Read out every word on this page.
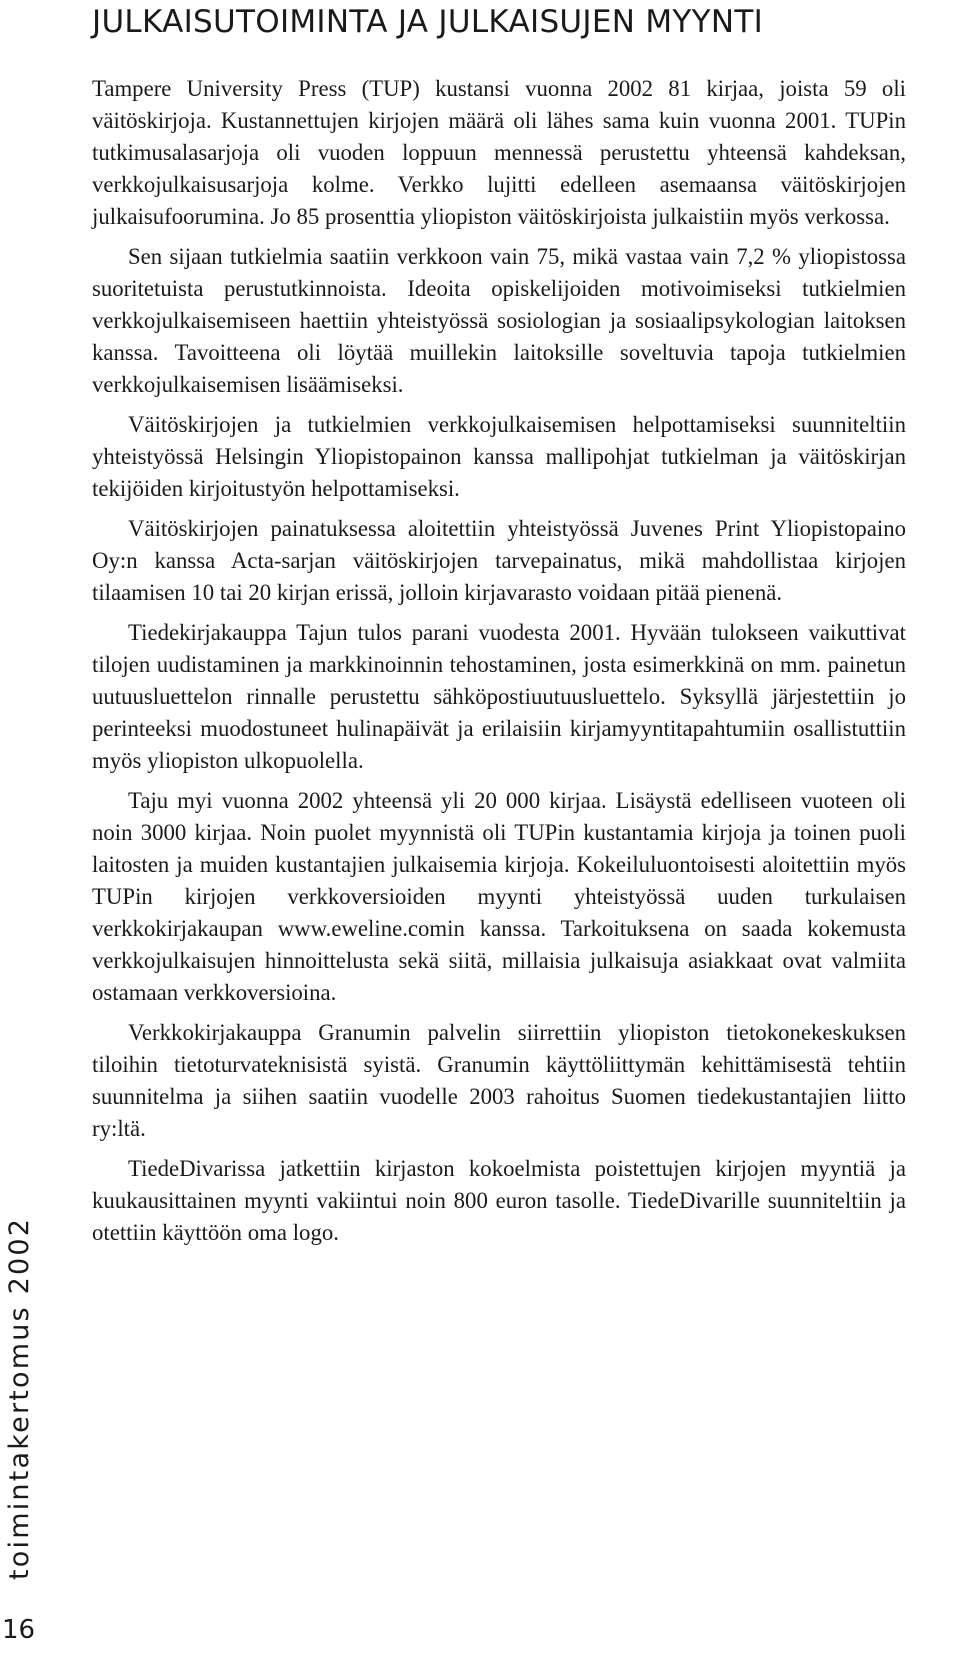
JULKAISUTOIMINTA JA JULKAISUJEN MYYNTI

Tampere University Press (TUP) kustansi vuonna 2002 81 kirjaa, joista 59 oli väitöskirjoja. Kustannettujen kirjojen määrä oli lähes sama kuin vuonna 2001. TUPin tutkimusalasarjoja oli vuoden loppuun mennessä perustettu yhteensä kahdeksan, verkkojulkaisusarjoja kolme. Verkko lujitti edelleen asemaansa väitöskirjojen julkaisufoorumina. Jo 85 prosenttia yliopiston väitöskirjoista julkaistiin myös verkossa.

Sen sijaan tutkielmia saatiin verkkoon vain 75, mikä vastaa vain 7,2 % yliopistossa suoritetuista perustutkinnoista. Ideoita opiskelijoiden motivoimiseksi tutkielmien verkkojulkaisemiseen haettiin yhteistyössä sosiologian ja sosiaalipsykologian laitoksen kanssa. Tavoitteena oli löytää muillekin laitoksille soveltuvia tapoja tutkielmien verkkojulkaisemisen lisäämiseksi.

Väitöskirjojen ja tutkielmien verkkojulkaisemisen helpottamiseksi suunniteltiin yhteistyössä Helsingin Yliopistopainon kanssa mallipohjat tutkielman ja väitöskirjan tekijöiden kirjoitustyön helpottamiseksi.

Väitöskirjojen painatuksessa aloitettiin yhteistyössä Juvenes Print Yliopistopaino Oy:n kanssa Acta-sarjan väitöskirjojen tarvepainatus, mikä mahdollistaa kirjojen tilaamisen 10 tai 20 kirjan erissä, jolloin kirjavarasto voidaan pitää pienenä.

Tiedekirjakauppa Tajun tulos parani vuodesta 2001. Hyvään tulokseen vaikuttivat tilojen uudistaminen ja markkinoinnin tehostaminen, josta esimerkkinä on mm. painetun uutuusluettelon rinnalle perustettu sähköpostiuutuusluettelo. Syksyllä järjestettiin jo perinteeksi muodostuneet hulinapäivät ja erilaisiin kirjamyyntitapahtumiin osallistuttiin myös yliopiston ulkopuolella.

Taju myi vuonna 2002 yhteensä yli 20 000 kirjaa. Lisäystä edelliseen vuoteen oli noin 3000 kirjaa. Noin puolet myynnistä oli TUPin kustantamia kirjoja ja toinen puoli laitosten ja muiden kustantajien julkaisemia kirjoja. Kokeiluluontoisesti aloitettiin myös TUPin kirjojen verkkoversioiden myynti yhteistyössä uuden turkulaisen verkkokirjakaupan www.eweline.comin kanssa. Tarkoituksena on saada kokemusta verkkojulkaisujen hinnoittelusta sekä siitä, millaisia julkaisuja asiakkaat ovat valmiita ostamaan verkkoversioina.

Verkkokirjakauppa Granumin palvelin siirrettiin yliopiston tietokonekeskuksen tiloihin tietoturvateknisistä syistä. Granumin käyttöliittymän kehittämisestä tehtiin suunnitelma ja siihen saatiin vuodelle 2003 rahoitus Suomen tiedekustantajien liitto ry:ltä.

TiedeDivarissa jatkettiin kirjaston kokoelmista poistettujen kirjojen myyntiä ja kuukausittainen myynti vakiintui noin 800 euron tasolle. TiedeDivarille suunniteltiin ja otettiin käyttöön oma logo.

toimintakertomus 2002
16
